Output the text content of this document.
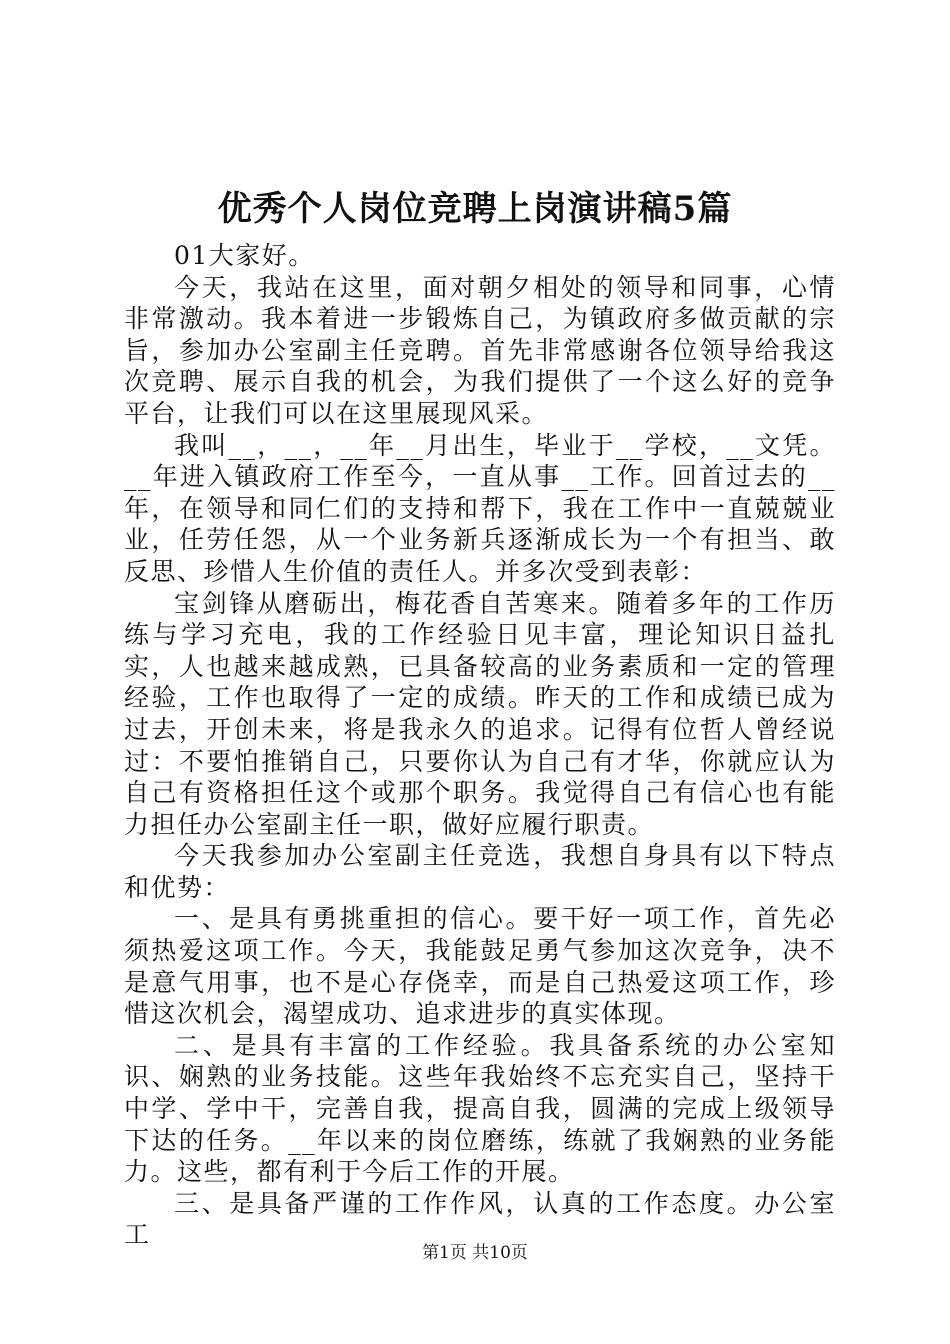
优秀个人岗位竞聘上岗演讲稿5篇

01大家好。

今天，我站在这里，面对朝夕相处的领导和同事，心情非常激动。我本着进一步锻炼自己，为镇政府多做贡献的宗旨，参加办公室副主任竞聘。首先非常感谢各位领导给我这次竞聘、展示自我的机会，为我们提供了一个这么好的竞争平台，让我们可以在这里展现风采。

我叫__，__，__年__月出生，毕业于__学校，__文凭。__年进入镇政府工作至今，一直从事__工作。回首过去的__年，在领导和同仁们的支持和帮下，我在工作中一直兢兢业业，任劳任怨，从一个业务新兵逐渐成长为一个有担当、敢反思、珍惜人生价值的责任人。并多次受到表彰：

宝剑锋从磨砺出，梅花香自苦寒来。随着多年的工作历练与学习充电，我的工作经验日见丰富，理论知识日益扎实，人也越来越成熟，已具备较高的业务素质和一定的管理经验，工作也取得了一定的成绩。昨天的工作和成绩已成为过去，开创未来，将是我永久的追求。记得有位哲人曾经说过：不要怕推销自己，只要你认为自己有才华，你就应认为自己有资格担任这个或那个职务。我觉得自己有信心也有能力担任办公室副主任一职，做好应履行职责。

今天我参加办公室副主任竞选，我想自身具有以下特点和优势：

一、是具有勇挑重担的信心。要干好一项工作，首先必须热爱这项工作。今天，我能鼓足勇气参加这次竞争，决不是意气用事，也不是心存侥幸，而是自己热爱这项工作，珍惜这次机会，渴望成功、追求进步的真实体现。

二、是具有丰富的工作经验。我具备系统的办公室知识、娴熟的业务技能。这些年我始终不忘充实自己，坚持干中学、学中干，完善自我，提高自我，圆满的完成上级领导下达的任务。__年以来的岗位磨练，练就了我娴熟的业务能力。这些，都有利于今后工作的开展。

三、是具备严谨的工作作风，认真的工作态度。办公室工

第1页 共10页
